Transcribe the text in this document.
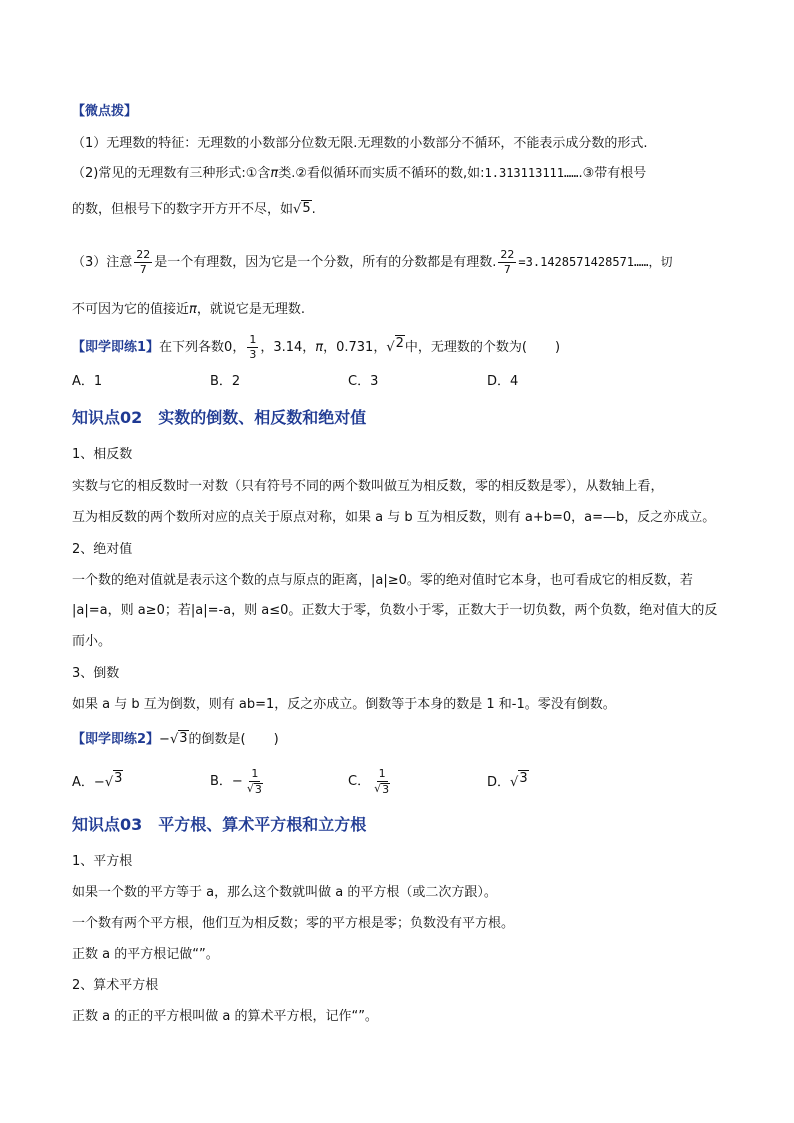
【微点拨】
（1）无理数的特征：无理数的小数部分位数无限.无理数的小数部分不循环，不能表示成分数的形式.
（2)常见的无理数有三种形式:①含π类.②看似循环而实质不循环的数,如:1.313113111…….③带有根号
的数，但根号下的数字开方开不尽，如 √ 5 .
（3）注意 $\frac{22}{7}$ 是一个有理数，因为它是一个分数，所有的分数都是有理数. $\frac{22}{7}$ =3.1428571428571……，切
不可因为它的值接近π，就说它是无理数.
【即学即练1】在下列各数0， $\frac{1}{3}$ ，3.14，π，0.731， √ 2 中，无理数的个数为( )
A．1	B．2	C．3	D．4
知识点02　实数的倒数、相反数和绝对值
1、相反数
实数与它的相反数时一对数（只有符号不同的两个数叫做互为相反数，零的相反数是零），从数轴上看，
互为相反数的两个数所对应的点关于原点对称，如果 a 与 b 互为相反数，则有 a+b=0，a=—b，反之亦成立。
2、绝对值
一个数的绝对值就是表示这个数的点与原点的距离，|a|≥0。零的绝对值时它本身，也可看成它的相反数，若
|a|=a，则 a≥0；若|a|=-a，则 a≤0。正数大于零，负数小于零，正数大于一切负数，两个负数，绝对值大的反
而小。
3、倒数
如果 a 与 b 互为倒数，则有 ab=1，反之亦成立。倒数等于本身的数是 1 和-1。零没有倒数。
【即学即练2】− √ 3 的倒数是( )
A．− √ 3	B．− $\frac{1}{√ 3}$	C． $\frac{1}{√ 3}$	D． √ 3
知识点03　平方根、算术平方根和立方根
1、平方根
如果一个数的平方等于 a，那么这个数就叫做 a 的平方根（或二次方跟）。
一个数有两个平方根，他们互为相反数；零的平方根是零；负数没有平方根。
正数 a 的平方根记做“”。
2、算术平方根
正数 a 的正的平方根叫做 a 的算术平方根，记作“”。
